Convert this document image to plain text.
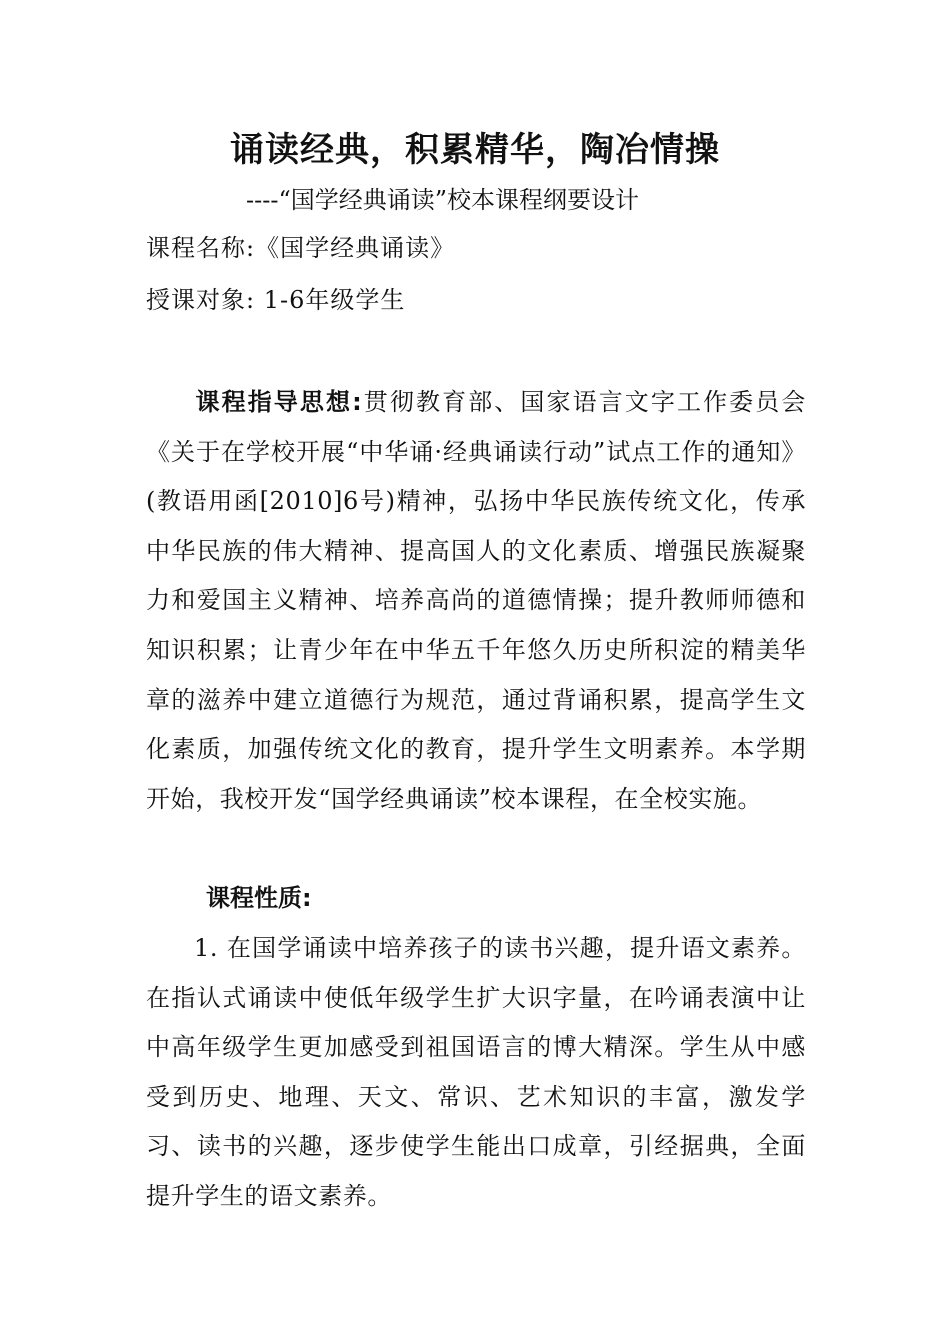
诵读经典，积累精华，陶冶情操
----“国学经典诵读”校本课程纲要设计
课程名称:《国学经典诵读》
授课对象: 1-6年级学生
课程指导思想:贯彻教育部、国家语言文字工作委员会《关于在学校开展“中华诵·经典诵读行动”试点工作的通知》(教语用函[2010]6号)精神，弘扬中华民族传统文化，传承中华民族的伟大精神、提高国人的文化素质、增强民族凝聚力和爱国主义精神、培养高尚的道德情操；提升教师师德和知识积累；让青少年在中华五千年悠久历史所积淀的精美华章的滋养中建立道德行为规范，通过背诵积累，提高学生文化素质，加强传统文化的教育，提升学生文明素养。本学期开始，我校开发“国学经典诵读”校本课程，在全校实施。
课程性质:
1. 在国学诵读中培养孩子的读书兴趣，提升语文素养。在指认式诵读中使低年级学生扩大识字量，在吟诵表演中让中高年级学生更加感受到祖国语言的博大精深。学生从中感受到历史、地理、天文、常识、艺术知识的丰富，激发学习、读书的兴趣，逐步使学生能出口成章，引经据典，全面提升学生的语文素养。
